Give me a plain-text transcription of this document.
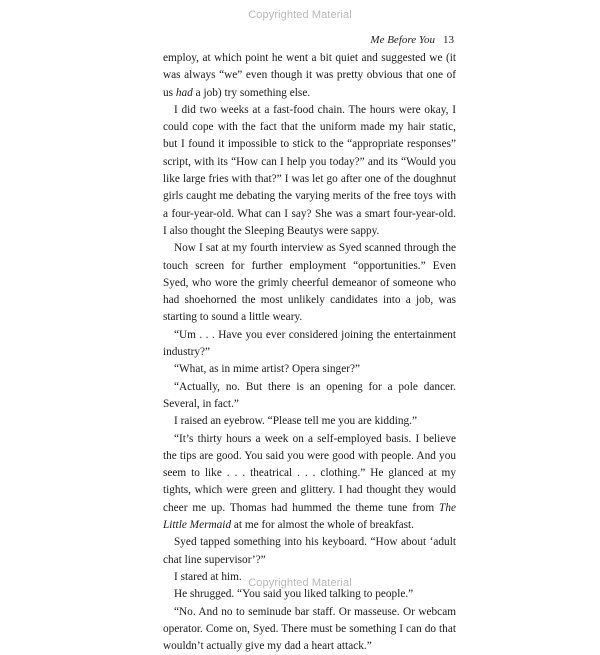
Copyrighted Material
Me Before You 13

employ, at which point he went a bit quiet and suggested we (it was always “we” even though it was pretty obvious that one of us had a job) try something else.

I did two weeks at a fast-food chain. The hours were okay, I could cope with the fact that the uniform made my hair static, but I found it impossible to stick to the “appropriate responses” script, with its “How can I help you today?” and its “Would you like large fries with that?” I was let go after one of the doughnut girls caught me debating the varying merits of the free toys with a four-year-old. What can I say? She was a smart four-year-old. I also thought the Sleeping Beautys were sappy.

Now I sat at my fourth interview as Syed scanned through the touch screen for further employment “opportunities.” Even Syed, who wore the grimly cheerful demeanor of someone who had shoehorned the most unlikely candidates into a job, was starting to sound a little weary.

“Um . . . Have you ever considered joining the entertainment industry?”

“What, as in mime artist? Opera singer?”

“Actually, no. But there is an opening for a pole dancer. Several, in fact.”

I raised an eyebrow. “Please tell me you are kidding.”

“It’s thirty hours a week on a self-employed basis. I believe the tips are good. You said you were good with people. And you seem to like . . . theatrical . . . clothing.” He glanced at my tights, which were green and glittery. I had thought they would cheer me up. Thomas had hummed the theme tune from The Little Mermaid at me for almost the whole of breakfast.

Syed tapped something into his keyboard. “How about ‘adult chat line supervisor’?”

I stared at him.

He shrugged. “You said you liked talking to people.”

“No. And no to seminude bar staff. Or masseuse. Or webcam operator. Come on, Syed. There must be something I can do that wouldn’t actually give my dad a heart attack.”

Copyrighted Material
